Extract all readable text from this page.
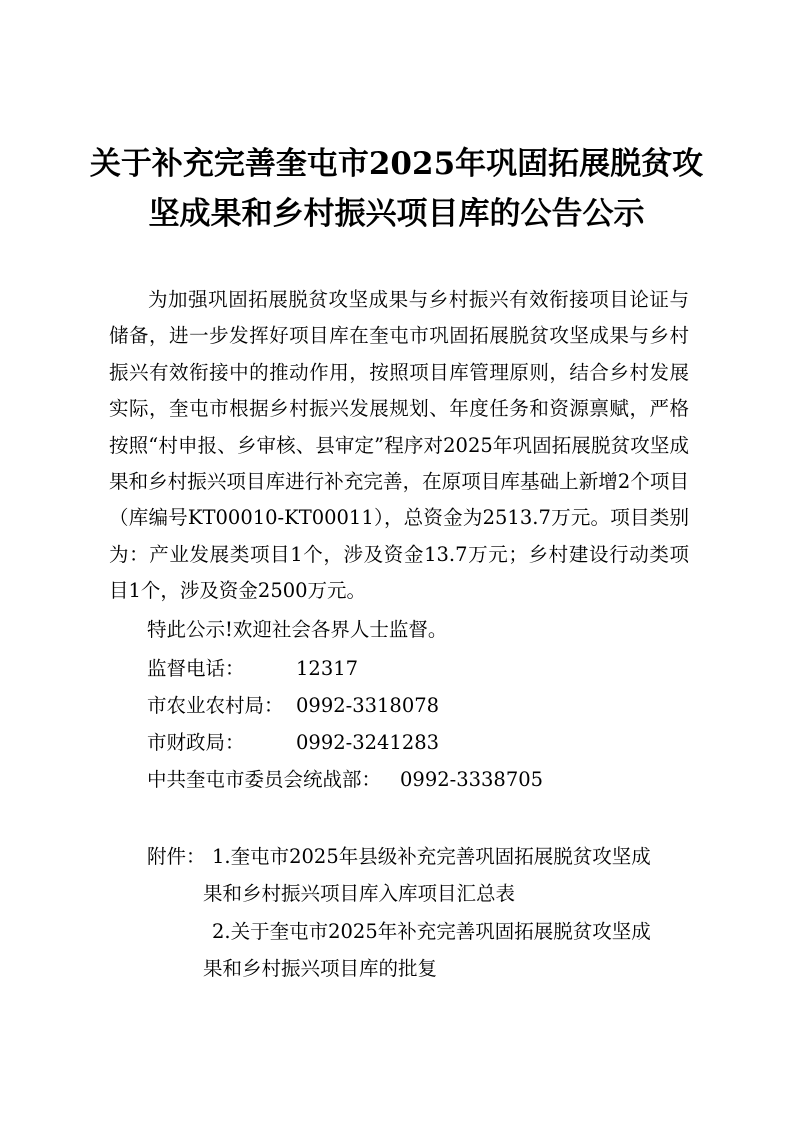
关于补充完善奎屯市2025年巩固拓展脱贫攻
坚成果和乡村振兴项目库的公告公示

为加强巩固拓展脱贫攻坚成果与乡村振兴有效衔接项目论证与储备，进一步发挥好项目库在奎屯市巩固拓展脱贫攻坚成果与乡村振兴有效衔接中的推动作用，按照项目库管理原则，结合乡村发展实际，奎屯市根据乡村振兴发展规划、年度任务和资源禀赋，严格按照“村申报、乡审核、县审定”程序对2025年巩固拓展脱贫攻坚成果和乡村振兴项目库进行补充完善，在原项目库基础上新增2个项目（库编号KT00010-KT00011），总资金为2513.7万元。项目类别为：产业发展类项目1个，涉及资金13.7万元；乡村建设行动类项目1个，涉及资金2500万元。

特此公示!欢迎社会各界人士监督。
监督电话：	12317
市农业农村局： 0992-3318078
市财政局：	0992-3241283
中共奎屯市委员会统战部： 0992-3338705
附件： 1.奎屯市2025年县级补充完善巩固拓展脱贫攻坚成
果和乡村振兴项目库入库项目汇总表
2.关于奎屯市2025年补充完善巩固拓展脱贫攻坚成
果和乡村振兴项目库的批复
